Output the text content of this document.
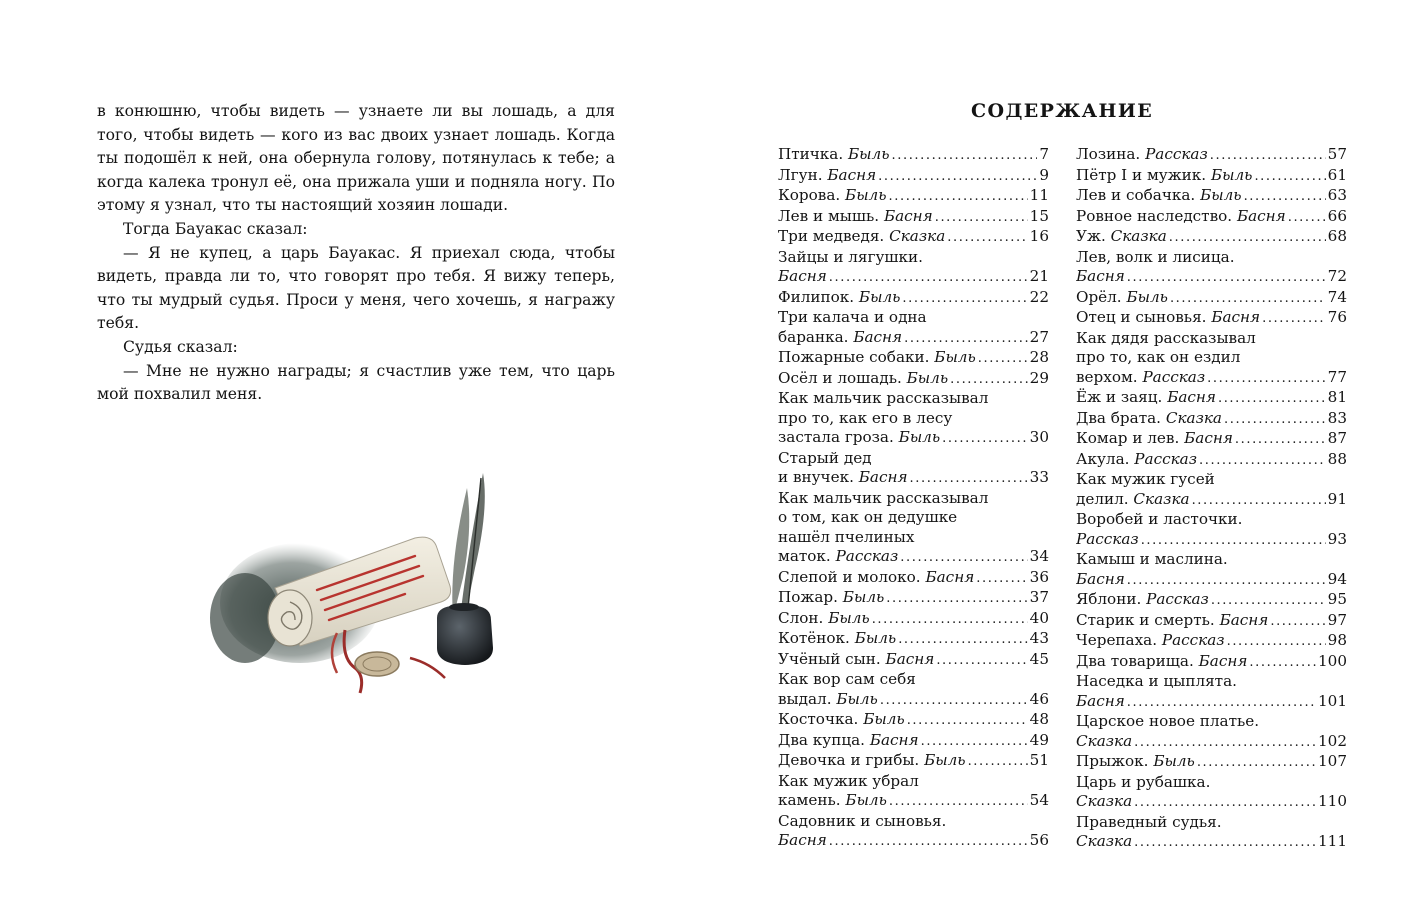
в конюшню, чтобы видеть — узнаете ли вы лошадь, а для того, чтобы видеть — кого из вас двоих узнает лошадь. Когда ты подошёл к ней, она обернула голову, потянулась к тебе; а когда калека тронул её, она прижала уши и подняла ногу. По этому я узнал, что ты настоящий хозяин лошади.

Тогда Бауакас сказал:

— Я не купец, а царь Бауакас. Я приехал сюда, чтобы видеть, правда ли то, что говорят про тебя. Я вижу теперь, что ты мудрый судья. Проси у меня, чего хочешь, я награжу тебя.

Судья сказал:

— Мне не нужно награды; я счастлив уже тем, что царь мой похвалил меня.

СОДЕРЖАНИЕ
Птичка. Быль .....	7
Лгун. Басня .....	9
Корова. Быль .....	11
Лев и мышь. Басня .....	15
Три медведя. Сказка .....	16
Зайцы и лягушки.
Басня .....	21
Филипок. Быль .....	22
Три калача и одна
баранка. Басня .....	27
Пожарные собаки. Быль .....	28
Осёл и лошадь. Быль .....	29
Как мальчик рассказывал
про то, как его в лесу
застала гроза. Быль .....	30
Старый дед
и внучек. Басня .....	33
Как мальчик рассказывал
о том, как он дедушке
нашёл пчелиных
маток. Рассказ .....	34
Слепой и молоко. Басня .....	36
Пожар. Быль .....	37
Слон. Быль .....	40
Котёнок. Быль .....	43
Учёный сын. Басня .....	45
Как вор сам себя
выдал. Быль .....	46
Косточка. Быль .....	48
Два купца. Басня .....	49
Девочка и грибы. Быль .....	51
Как мужик убрал
камень. Быль .....	54
Садовник и сыновья.
Басня .....	56
Лозина. Рассказ .....	57
Пётр I и мужик. Быль .....	61
Лев и собачка. Быль .....	63
Ровное наследство. Басня .....	66
Уж. Сказка .....	68
Лев, волк и лисица.
Басня .....	72
Орёл. Быль .....	74
Отец и сыновья. Басня .....	76
Как дядя рассказывал
про то, как он ездил
верхом. Рассказ .....	77
Ёж и заяц. Басня .....	81
Два брата. Сказка .....	83
Комар и лев. Басня .....	87
Акула. Рассказ .....	88
Как мужик гусей
делил. Сказка .....	91
Воробей и ласточки.
Рассказ .....	93
Камыш и маслина.
Басня .....	94
Яблони. Рассказ .....	95
Старик и смерть. Басня .....	97
Черепаха. Рассказ .....	98
Два товарища. Басня .....	100
Наседка и цыплята.
Басня .....	101
Царское новое платье.
Сказка .....	102
Прыжок. Быль .....	107
Царь и рубашка.
Сказка .....	110
Праведный судья.
Сказка .....	111
